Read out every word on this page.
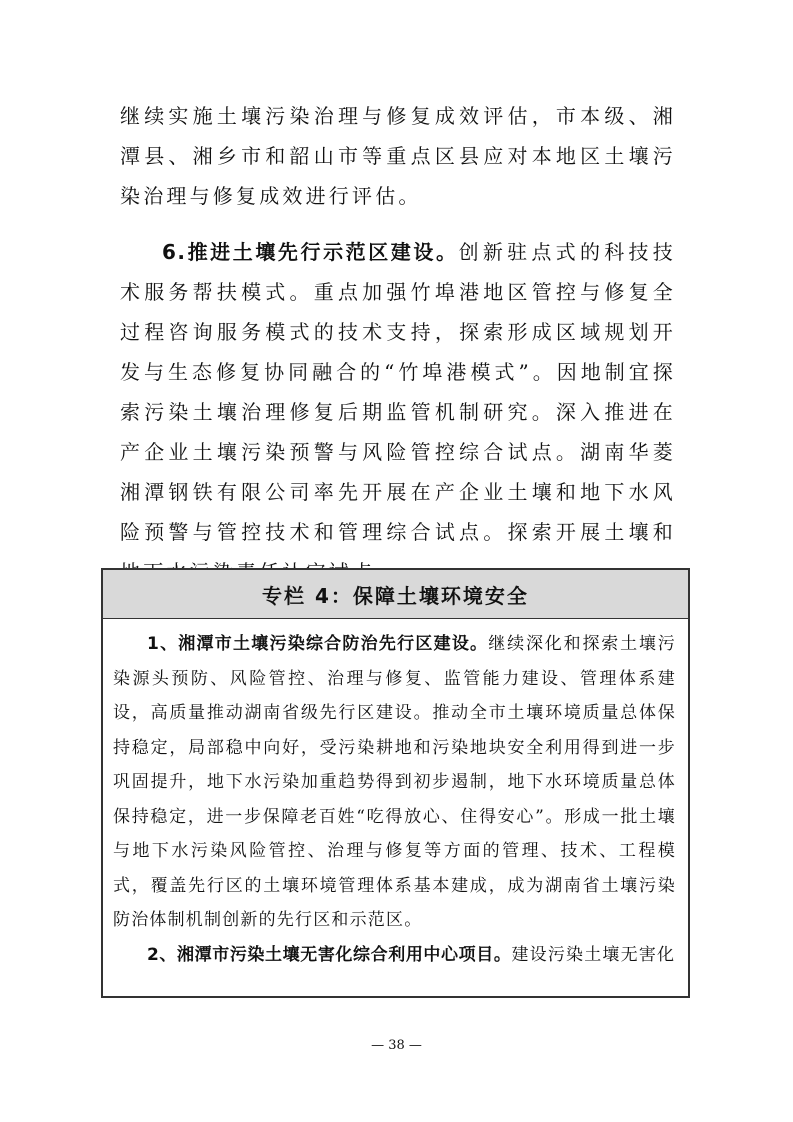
继续实施土壤污染治理与修复成效评估，市本级、湘潭县、湘乡市和韶山市等重点区县应对本地区土壤污染治理与修复成效进行评估。

6.推进土壤先行示范区建设。创新驻点式的科技技术服务帮扶模式。重点加强竹埠港地区管控与修复全过程咨询服务模式的技术支持，探索形成区域规划开发与生态修复协同融合的“竹埠港模式”。因地制宜探索污染土壤治理修复后期监管机制研究。深入推进在产企业土壤污染预警与风险管控综合试点。湖南华菱湘潭钢铁有限公司率先开展在产企业土壤和地下水风险预警与管控技术和管理综合试点。探索开展土壤和

专栏 4：保障土壤环境安全

1、湘潭市土壤污染综合防治先行区建设。继续深化和探索土壤污染源头预防、风险管控、治理与修复、监管能力建设、管理体系建设，高质量推动湖南省级先行区建设。推动全市土壤环境质量总体保持稳定，局部稳中向好，受污染耕地和污染地块安全利用得到进一步巩固提升，地下水污染加重趋势得到初步遏制，地下水环境质量总体保持稳定，进一步保障老百姓“吃得放心、住得安心”。形成一批土壤与地下水污染风险管控、治理与修复等方面的管理、技术、工程模式，覆盖先行区的土壤环境管理体系基本建成，成为湖南省土壤污染防治体制机制创新的先行区和示范区。

2、湘潭市污染土壤无害化综合利用中心项目。建设污染土壤无害化

— 38 —
